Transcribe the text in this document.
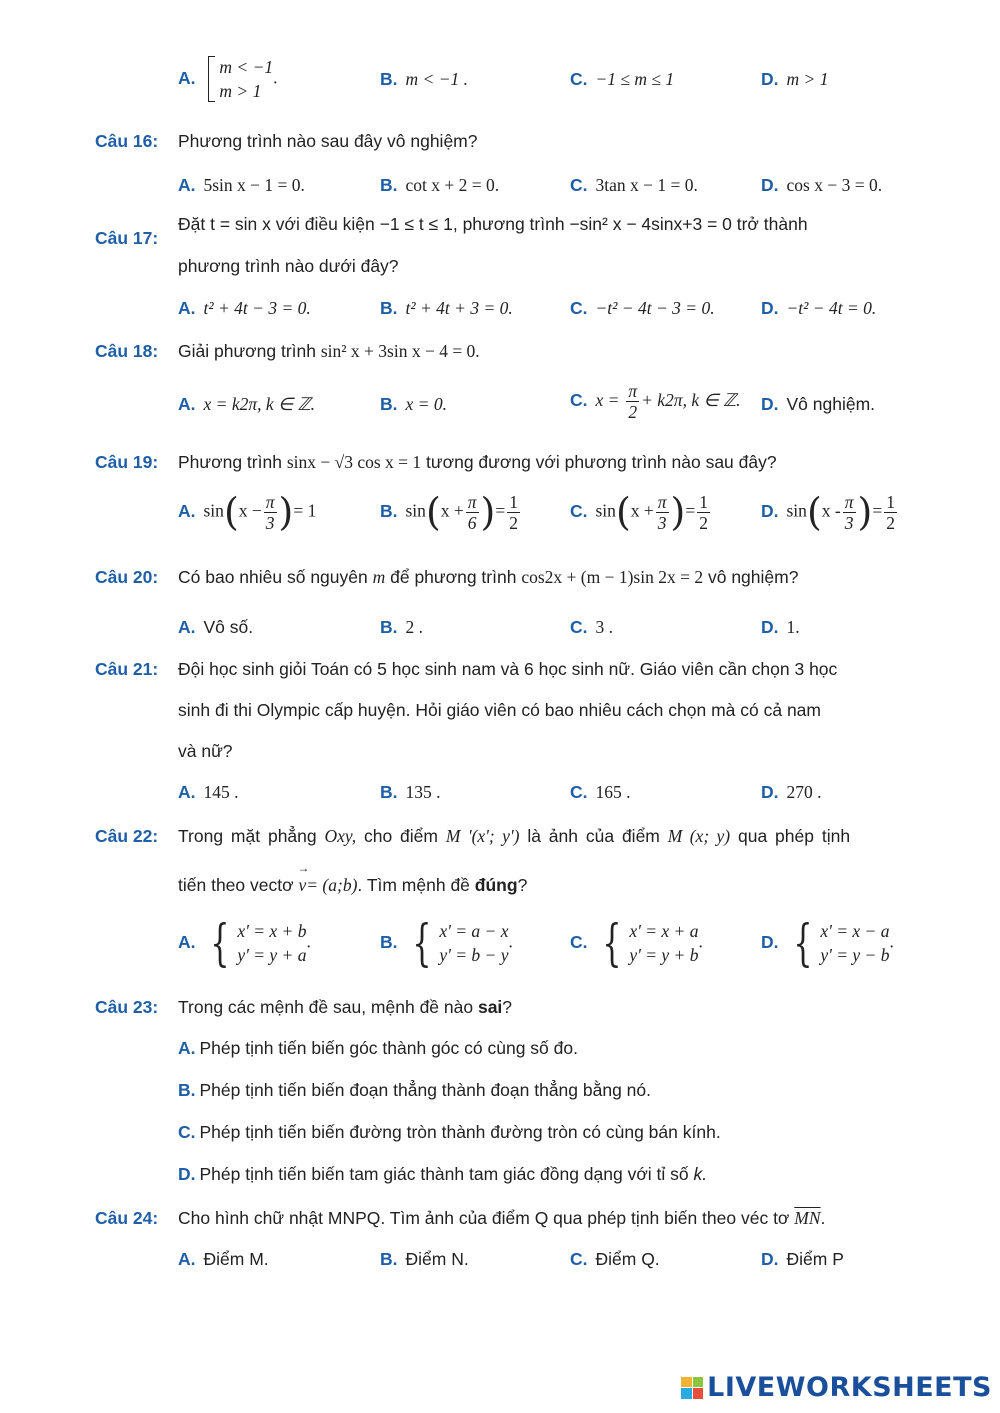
A.
m < −1
m > 1
.	B. m < −1 .	C. −1 ≤ m ≤ 1	D. m > 1
Câu 16: Phương trình nào sau đây vô nghiệm?
A. 5sin x − 1 = 0.	B. cot x + 2 = 0.	C. 3tan x − 1 = 0.	D. cos x − 3 = 0.
Câu 17:
Đặt t = sin x với điều kiện −1 ≤ t ≤ 1, phương trình −sin² x − 4sinx+3 = 0 trở thành
phương trình nào dưới đây?
A. t² + 4t − 3 = 0.	B. t² + 4t + 3 = 0.	C. −t² − 4t − 3 = 0.	D. −t² − 4t = 0.
Câu 18: Giải phương trình sin² x + 3sin x − 4 = 0.
A. x = k2π, k ∈ ℤ.	B. x = 0.	C. $x = \frac{\pi}{2} + k2\pi$, k ∈ ℤ. D. Vô nghiệm.
Câu 19: Phương trình sinx − √3 cos x = 1 tương đương với phương trình nào sau đây?
A. $\sin(x - \frac{\pi}{3}$ )= 1	B. $\sin(x + \frac{\pi}{6}$ )= $\frac{1}{2}$	C. $\sin(x + \frac{\pi}{3}$ )= $\frac{1}{2}$	D. $\sin(x - \frac{\pi}{3}$ )= $\frac{1}{2}$
Câu 20: Có bao nhiêu số nguyên m để phương trình cos2x + (m − 1)sin 2x = 2 vô nghiệm?
A. Vô số.	B. 2 .	C. 3 .	D. 1.
Câu 21: Đội học sinh giỏi Toán có 5 học sinh nam và 6 học sinh nữ. Giáo viên cần chọn 3 học
sinh đi thi Olympic cấp huyện. Hỏi giáo viên có bao nhiêu cách chọn mà có cả nam
và nữ?
A. 145 .	B. 135 .	C. 165 .	D. 270 .
Câu 22: Trong mặt phẳng Oxy, cho điểm M '(x'; y') là ảnh của điểm M (x; y) qua phép tịnh
tiến theo vectơ → v= (a;b). Tìm mệnh đề đúng?
A. { x' = x + b
y' = y + a
.	B. { x' = a − x
y' = b − y
.	C. { x' = x + a
y' = y + b
.	D. { x' = x − a
y' = y − b
.
Câu 23: Trong các mệnh đề sau, mệnh đề nào sai?
A. Phép tịnh tiến biến góc thành góc có cùng số đo.
B. Phép tịnh tiến biến đoạn thẳng thành đoạn thẳng bằng nó.
C. Phép tịnh tiến biến đường tròn thành đường tròn có cùng bán kính.
D. Phép tịnh tiến biến tam giác thành tam giác đồng dạng với tỉ số k.
Câu 24: Cho hình chữ nhật MNPQ. Tìm ảnh của điểm Q qua phép tịnh biến theo véc tơ $\overline{MN}$.
A. Điểm M.	B. Điểm N.	C. Điểm Q.	D. Điểm P
LIVEWORKSHEETS
